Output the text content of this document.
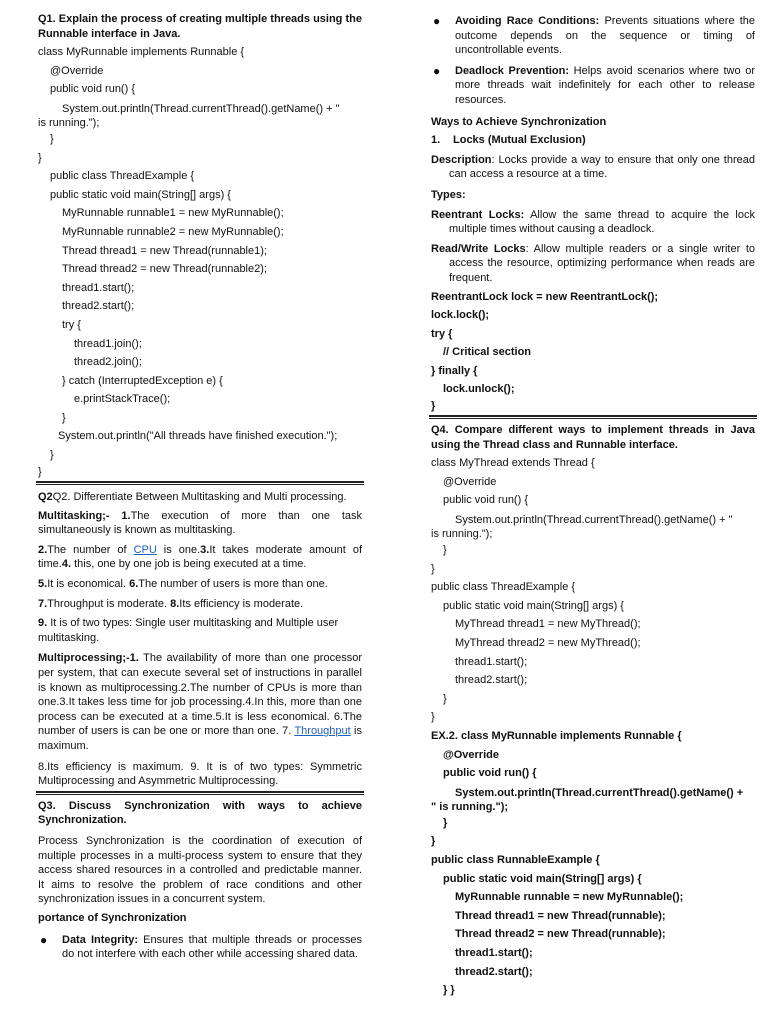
Q1. Explain the process of creating multiple threads using the Runnable interface in Java.

class MyRunnable implements Runnable {
@Override
public void run() {
System.out.println(Thread.currentThread().getName() + "
is running.");
}
}
public class ThreadExample {
public static void main(String[] args) {
MyRunnable runnable1 = new MyRunnable();
MyRunnable runnable2 = new MyRunnable();
Thread thread1 = new Thread(runnable1);
Thread thread2 = new Thread(runnable2);
thread1.start();
thread2.start();
try {
thread1.join();
thread2.join();
} catch (InterruptedException e) {
e.printStackTrace();
}
System.out.println("All threads have finished execution.");
}
}

Q2Q2. Differentiate Between Multitasking and Multi processing.

Multitasking;- 1.The execution of more than one task simultaneously is known as multitasking.

2.The number of CPU is one.3.It takes moderate amount of time.4. this, one by one job is being executed at a time.

5.It is economical. 6.The number of users is more than one.

7.Throughput is moderate. 8.Its efficiency is moderate.

9. It is of two types: Single user multitasking and Multiple user multitasking.

Multiprocessing;-1. The availability of more than one processor per system, that can execute several set of instructions in parallel is known as multiprocessing.2.The number of CPUs is more than one.3.It takes less time for job processing.4.In this, more than one process can be executed at a time.5.It is less economical. 6.The number of users is can be one or more than one. 7. Throughput is maximum.

8.Its efficiency is maximum. 9. It is of two types: Symmetric Multiprocessing and Asymmetric Multiprocessing.

Q3. Discuss Synchronization with ways to achieve Synchronization.

Process Synchronization is the coordination of execution of multiple processes in a multi-process system to ensure that they access shared resources in a controlled and predictable manner. It aims to resolve the problem of race conditions and other synchronization issues in a concurrent system.

portance of Synchronization

● Data Integrity: Ensures that multiple threads or processes do not interfere with each other while accessing shared data.
● Avoiding Race Conditions: Prevents situations where the outcome depends on the sequence or timing of uncontrollable events.
● Deadlock Prevention: Helps avoid scenarios where two or more threads wait indefinitely for each other to release resources.

Ways to Achieve Synchronization

1. Locks (Mutual Exclusion)

Description: Locks provide a way to ensure that only one thread can access a resource at a time.

Types:

Reentrant Locks: Allow the same thread to acquire the lock multiple times without causing a deadlock.

Read/Write Locks: Allow multiple readers or a single writer to access the resource, optimizing performance when reads are frequent.

ReentrantLock lock = new ReentrantLock();
lock.lock();
try {
// Critical section
} finally {
lock.unlock();
}

Q4. Compare different ways to implement threads in Java using the Thread class and Runnable interface.

class MyThread extends Thread {
@Override
public void run() {
System.out.println(Thread.currentThread().getName() + "
is running.");
}
}
public class ThreadExample {
public static void main(String[] args) {
MyThread thread1 = new MyThread();
MyThread thread2 = new MyThread();
thread1.start();
thread2.start();
}
}
EX.2. class MyRunnable implements Runnable {
@Override
public void run() {
System.out.println(Thread.currentThread().getName() +
" is running.");
}
}
public class RunnableExample {
public static void main(String[] args) {
MyRunnable runnable = new MyRunnable();
Thread thread1 = new Thread(runnable);
Thread thread2 = new Thread(runnable);
thread1.start();
thread2.start();
} }
